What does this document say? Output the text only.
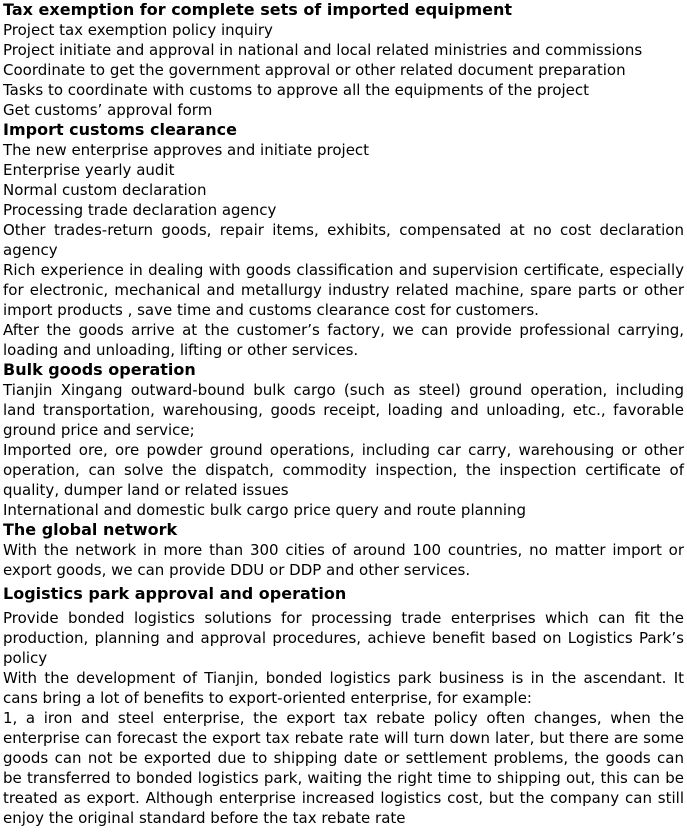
Tax exemption for complete sets of imported equipment

Project tax exemption policy inquiry

Project initiate and approval in national and local related ministries and commissions

Coordinate to get the government approval or other related document preparation

Tasks to coordinate with customs to approve all the equipments of the project

Get customs’ approval form

Import customs clearance

The new enterprise approves and initiate project

Enterprise yearly audit

Normal custom declaration

Processing trade declaration agency

Other trades-return goods, repair items, exhibits, compensated at no cost declaration agency

Rich experience in dealing with goods classification and supervision certificate, especially for electronic, mechanical and metallurgy industry related machine, spare parts or other import products , save time and customs clearance cost for customers.

After the goods arrive at the customer’s factory, we can provide professional carrying, loading and unloading, lifting or other services.

Bulk goods operation

Tianjin Xingang outward-bound bulk cargo (such as steel) ground operation, including land transportation, warehousing, goods receipt, loading and unloading, etc., favorable ground price and service;

Imported ore, ore powder ground operations, including car carry, warehousing or other operation, can solve the dispatch, commodity inspection, the inspection certificate of quality, dumper land or related issues

International and domestic bulk cargo price query and route planning

The global network

With the network in more than 300 cities of around 100 countries, no matter import or export goods, we can provide DDU or DDP and other services.

Logistics park approval and operation

Provide bonded logistics solutions for processing trade enterprises which can fit the production, planning and approval procedures, achieve benefit based on Logistics Park’s policy

With the development of Tianjin, bonded logistics park business is in the ascendant. It cans bring a lot of benefits to export-oriented enterprise, for example:

1, a iron and steel enterprise, the export tax rebate policy often changes, when the enterprise can forecast the export tax rebate rate will turn down later, but there are some goods can not be exported due to shipping date or settlement problems, the goods can be transferred to bonded logistics park, waiting the right time to shipping out, this can be treated as export. Although enterprise increased logistics cost, but the company can still enjoy the original standard before the tax rebate rate
